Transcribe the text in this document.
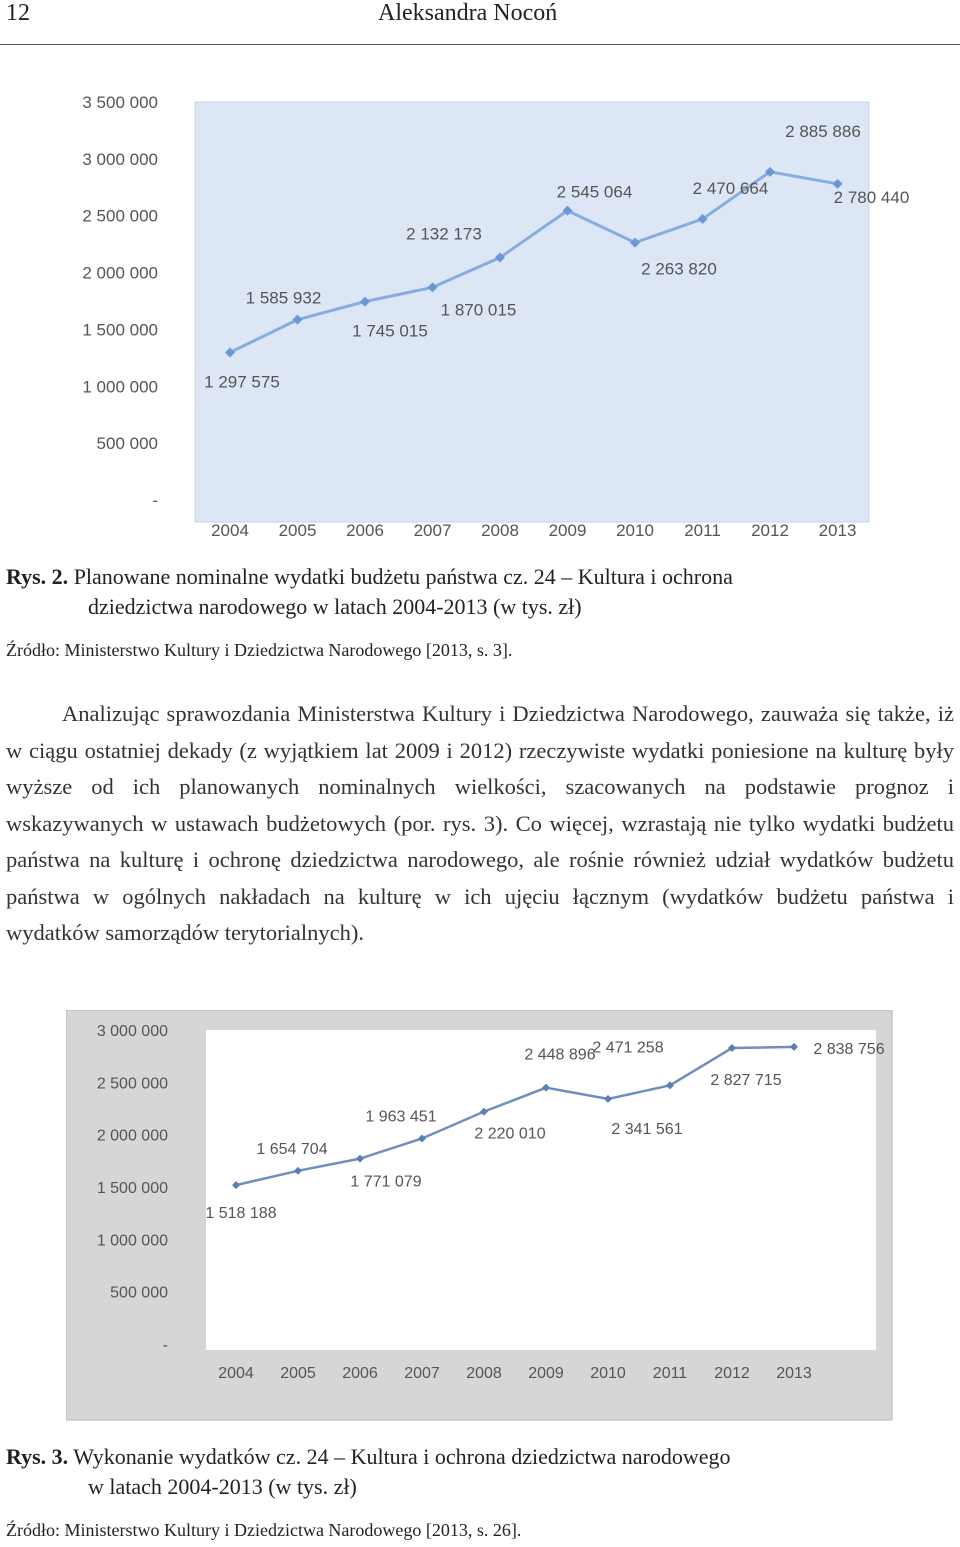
12	Aleksandra Nocoń
-
500 000
1 000 000
1 500 000
2 000 000
2 500 000
3 000 000
3 500 000
2004 2005 2006 2007 2008 2009 2010 2011 2012 2013
1 297 575
1 585 932
1 745 015
1 870 015
2 132 173
2 545 064
2 263 820
2 470 664
2 885 886
2 780 440
Rys. 2. Planowane nominalne wydatki budżetu państwa cz. 24 – Kultura i ochrona
dziedzictwa narodowego w latach 2004-2013 (w tys. zł)
Źródło: Ministerstwo Kultury i Dziedzictwa Narodowego [2013, s. 3].

Analizując sprawozdania Ministerstwa Kultury i Dziedzictwa Narodowego, zauważa się także, iż w ciągu ostatniej dekady (z wyjątkiem lat 2009 i 2012) rzeczywiste wydatki poniesione na kulturę były wyższe od ich planowanych nominalnych wielkości, szacowanych na podstawie prognoz i wskazywanych w ustawach budżetowych (por. rys. 3). Co więcej, wzrastają nie tylko wydatki budżetu państwa na kulturę i ochronę dziedzictwa narodowego, ale rośnie również udział wydatków budżetu państwa w ogólnych nakładach na kulturę w ich ujęciu łącznym (wydatków budżetu państwa i wydatków samorządów terytorialnych).

-
500 000
1 000 000
1 500 000
2 000 000
2 500 000
3 000 000
2004 2005 2006 2007 2008 2009 2010 2011 2012 2013
1 518 188
1 654 704
1 771 079
1 963 451
2 220 010
2 448 896
2 341 561
2 471 258
2 827 715
2 838 756
Rys. 3. Wykonanie wydatków cz. 24 – Kultura i ochrona dziedzictwa narodowego
w latach 2004-2013 (w tys. zł)
Źródło: Ministerstwo Kultury i Dziedzictwa Narodowego [2013, s. 26].
